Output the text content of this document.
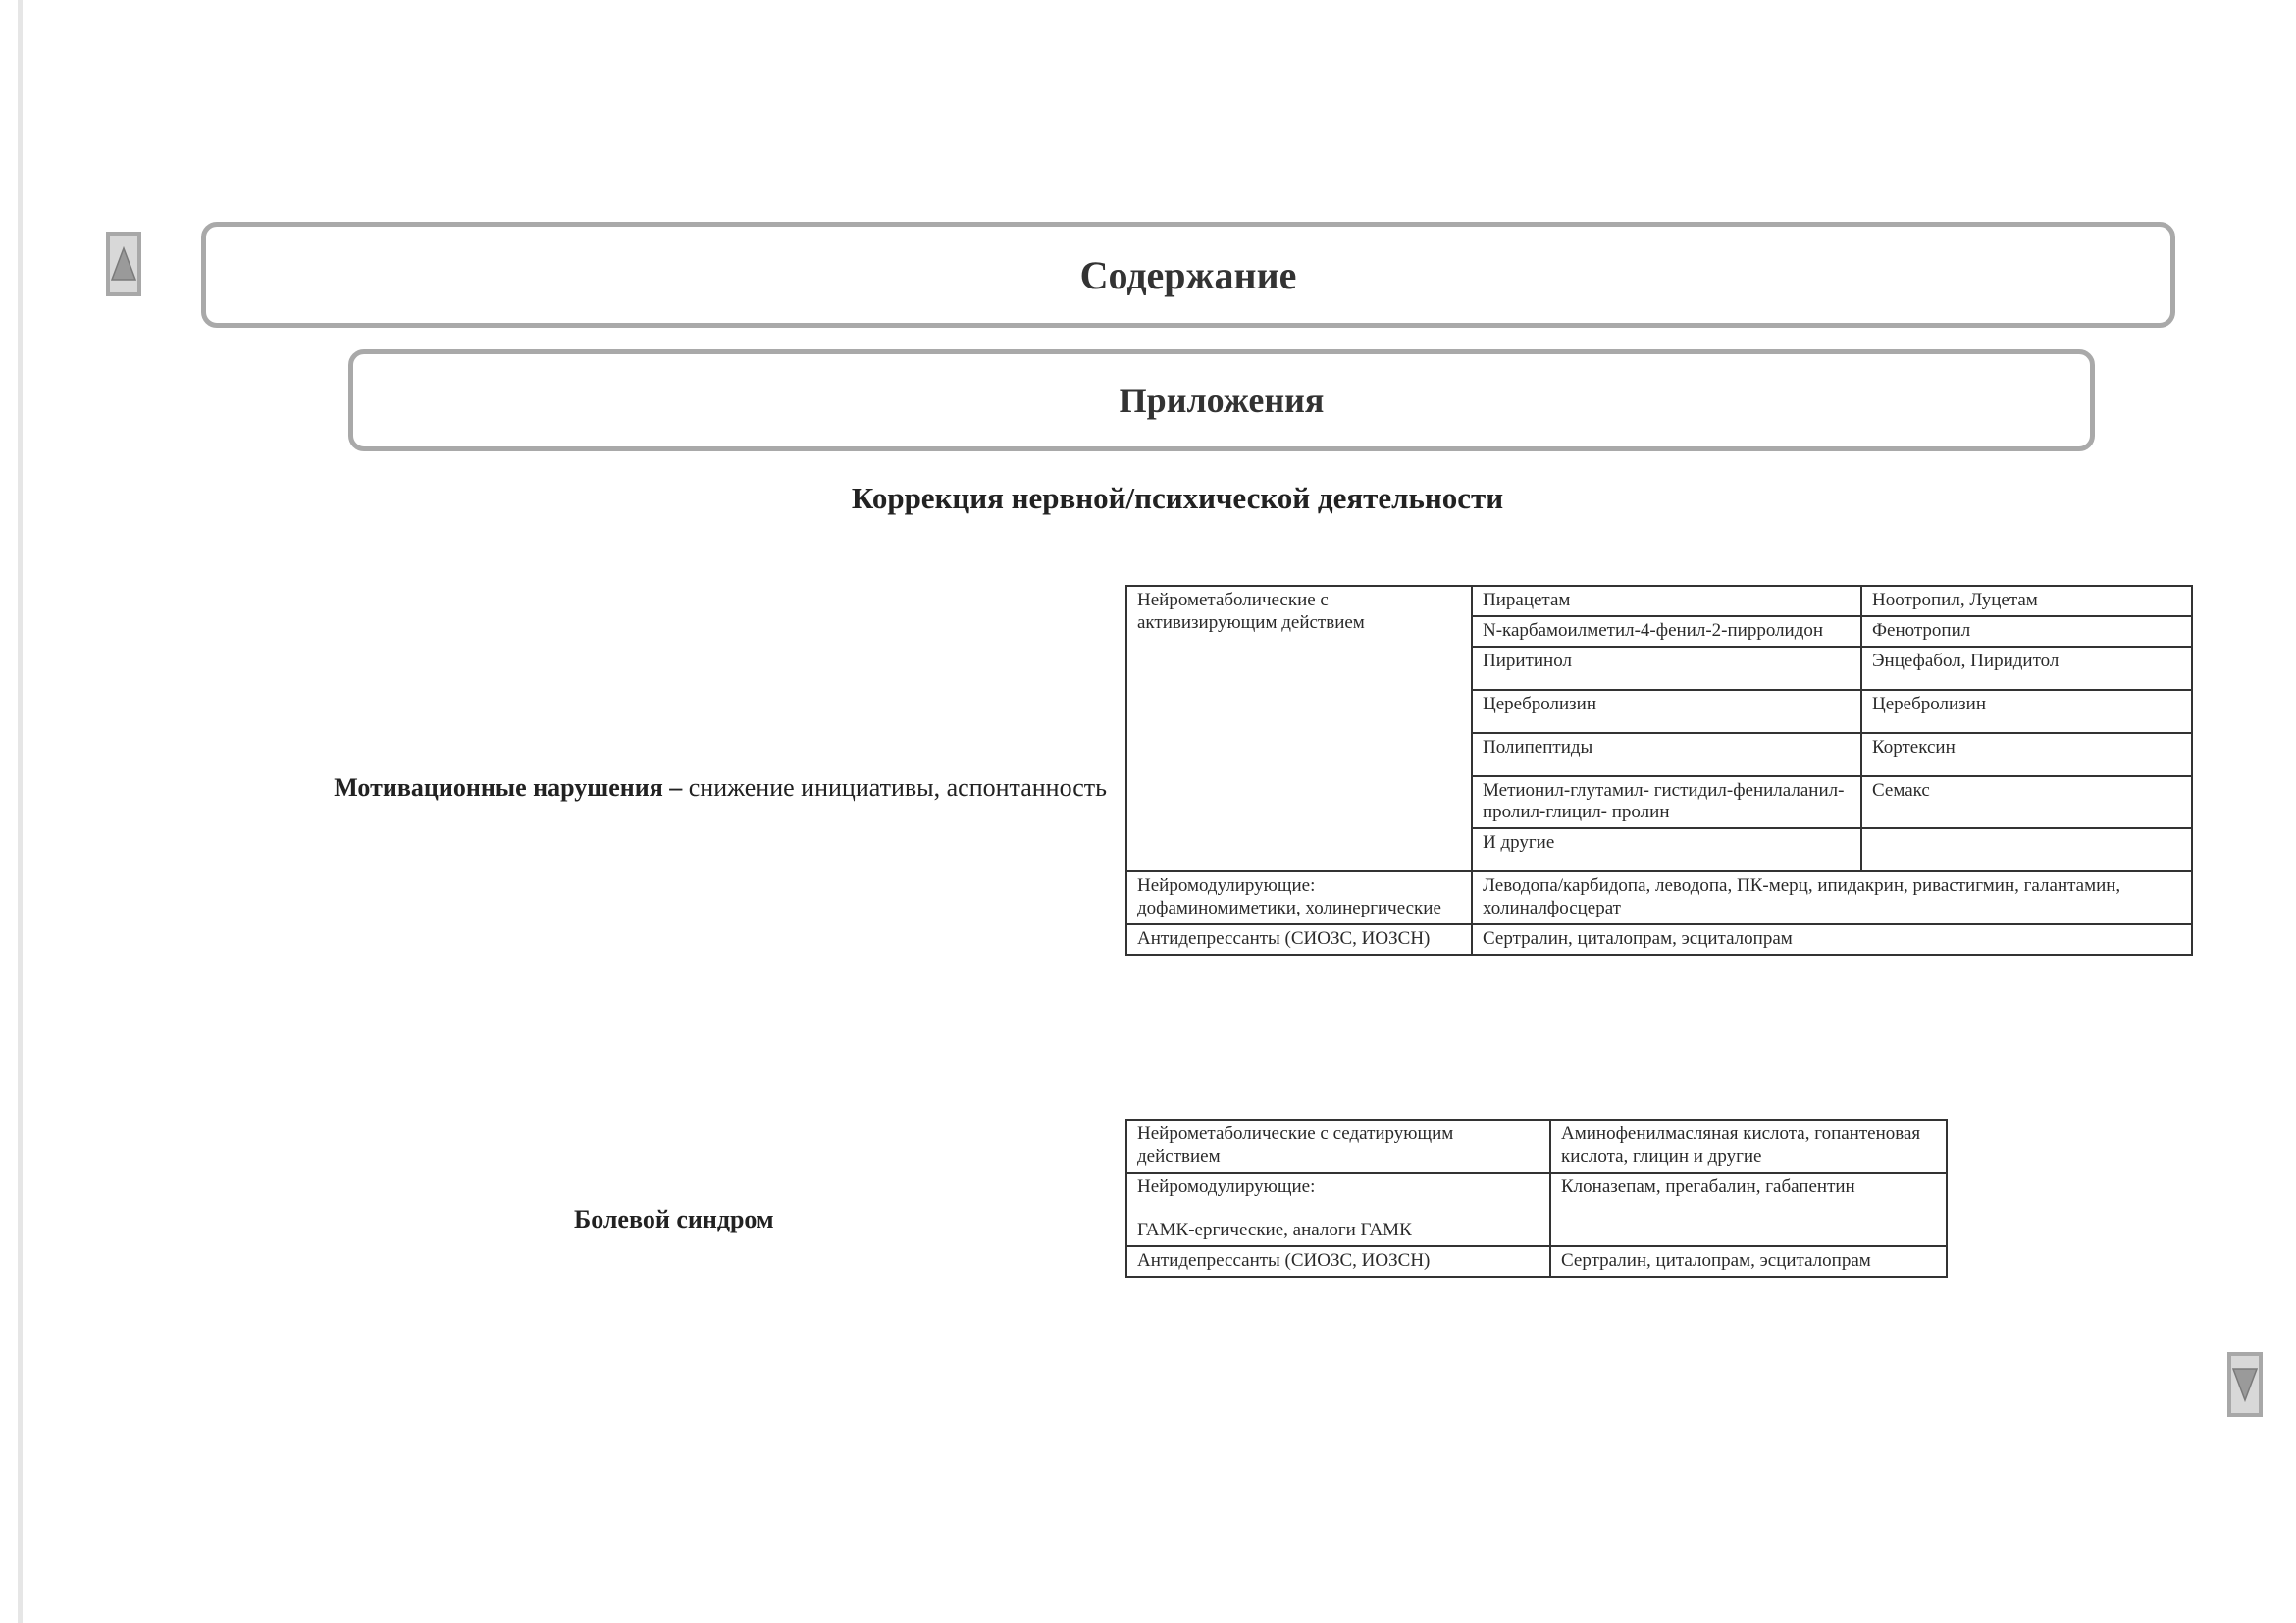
Содержание
Приложения
Коррекция нервной/психической деятельности
Мотивационные нарушения – снижение инициативы, аспонтанность
Нейрометаболические с активизирующим действием	Пирацетам	Ноотропил, Луцетам
	N-карбамоилметил-4-фенил-2-пирролидон	Фенотропил
	Пиритинол	Энцефабол, Пиридитол
	Церебролизин	Церебролизин
	Полипептиды	Кортексин
	Метионил-глутамил- гистидил-фенилаланил- пролил-глицил- пролин	Семакс
	И другие	
Нейромодулирующие: дофаминомиметики, холинергические	Леводопа/карбидопа, леводопа, ПК-мерц, ипидакрин, ривастигмин, галантамин, холиналфосцерат	
Антидепрессанты (СИОЗС, ИОЗСН)	Сертралин, циталопрам, эсциталопрам	
Болевой синдром
Нейрометаболические с седатирующим действием	Аминофенилмасляная кислота, гопантеновая кислота, глицин и другие
Нейромодулирующие:
ГАМК-ергические, аналоги ГАМК	Клоназепам, прегабалин, габапентин
Антидепрессанты (СИОЗС, ИОЗСН)	Сертралин, циталопрам, эсциталопрам
